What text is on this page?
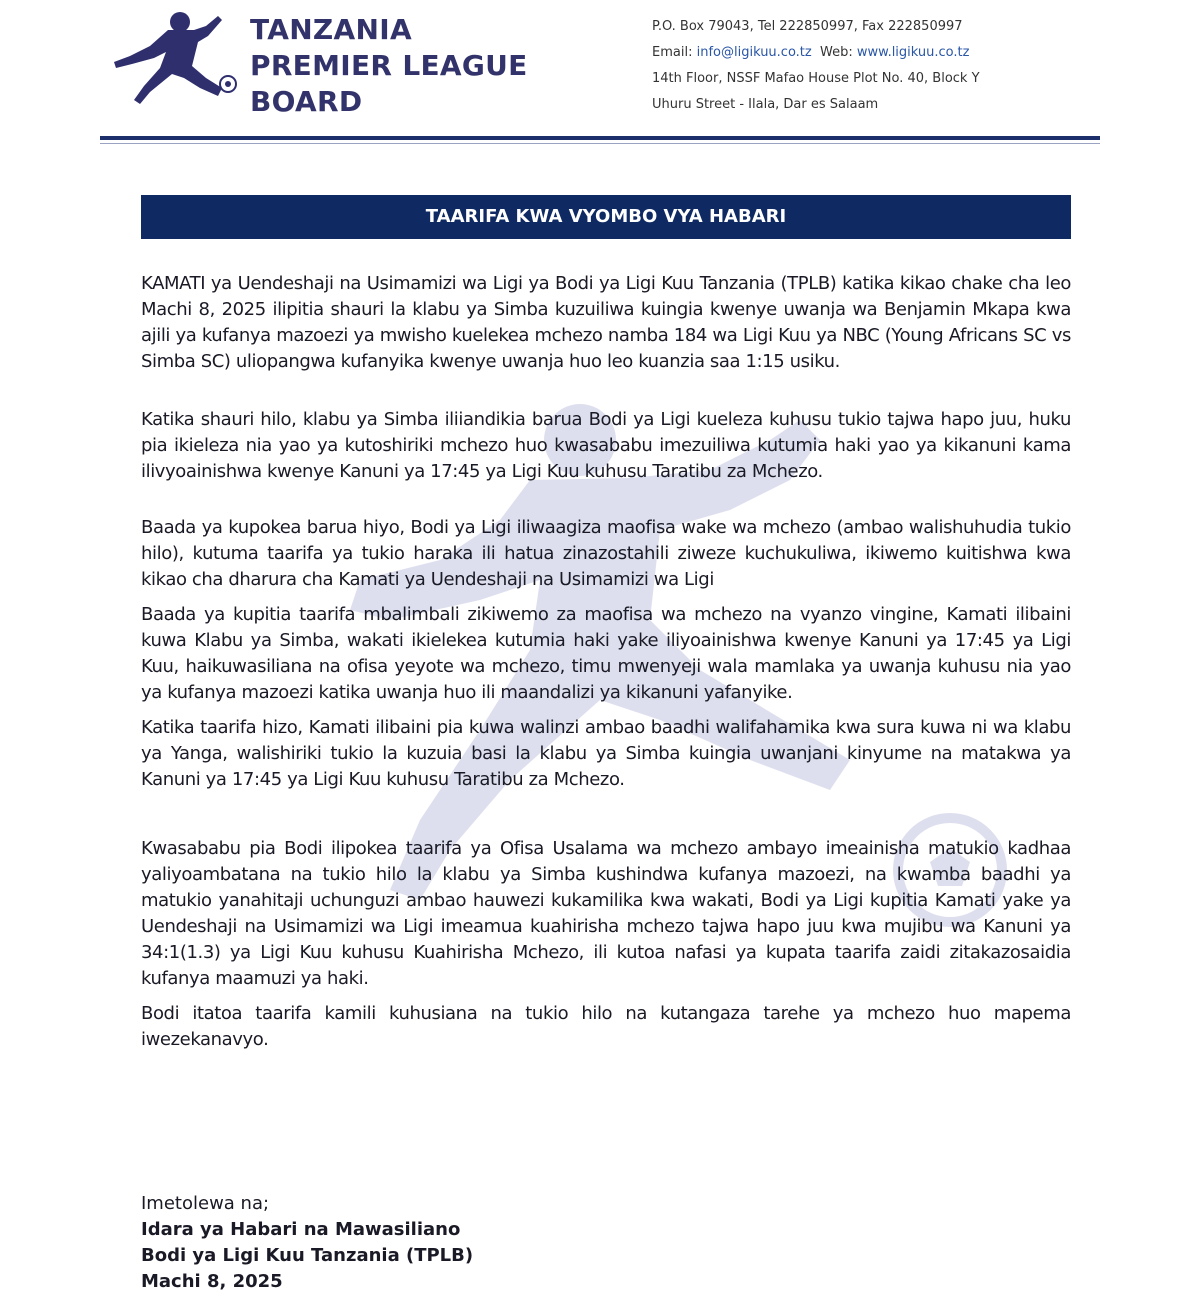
TANZANIA
PREMIER LEAGUE
BOARD
P.O. Box 79043, Tel 222850997, Fax 222850997
Email: info@ligikuu.co.tz Web: www.ligikuu.co.tz
14th Floor, NSSF Mafao House Plot No. 40, Block Y
Uhuru Street - Ilala, Dar es Salaam
TAARIFA KWA VYOMBO VYA HABARI

KAMATI ya Uendeshaji na Usimamizi wa Ligi ya Bodi ya Ligi Kuu Tanzania (TPLB) katika kikao chake cha leo Machi 8, 2025 ilipitia shauri la klabu ya Simba kuzuiliwa kuingia kwenye uwanja wa Benjamin Mkapa kwa ajili ya kufanya mazoezi ya mwisho kuelekea mchezo namba 184 wa Ligi Kuu ya NBC (Young Africans SC vs Simba SC) uliopangwa kufanyika kwenye uwanja huo leo kuanzia saa 1:15 usiku.

Katika shauri hilo, klabu ya Simba iliiandikia barua Bodi ya Ligi kueleza kuhusu tukio tajwa hapo juu, huku pia ikieleza nia yao ya kutoshiriki mchezo huo kwasababu imezuiliwa kutumia haki yao ya kikanuni kama ilivyoainishwa kwenye Kanuni ya 17:45 ya Ligi Kuu kuhusu Taratibu za Mchezo.

Baada ya kupokea barua hiyo, Bodi ya Ligi iliwaagiza maofisa wake wa mchezo (ambao walishuhudia tukio hilo), kutuma taarifa ya tukio haraka ili hatua zinazostahili ziweze kuchukuliwa, ikiwemo kuitishwa kwa kikao cha dharura cha Kamati ya Uendeshaji na Usimamizi wa Ligi

Baada ya kupitia taarifa mbalimbali zikiwemo za maofisa wa mchezo na vyanzo vingine, Kamati ilibaini kuwa Klabu ya Simba, wakati ikielekea kutumia haki yake iliyoainishwa kwenye Kanuni ya 17:45 ya Ligi Kuu, haikuwasiliana na ofisa yeyote wa mchezo, timu mwenyeji wala mamlaka ya uwanja kuhusu nia yao ya kufanya mazoezi katika uwanja huo ili maandalizi ya kikanuni yafanyike.

Katika taarifa hizo, Kamati ilibaini pia kuwa walinzi ambao baadhi walifahamika kwa sura kuwa ni wa klabu ya Yanga, walishiriki tukio la kuzuia basi la klabu ya Simba kuingia uwanjani kinyume na matakwa ya Kanuni ya 17:45 ya Ligi Kuu kuhusu Taratibu za Mchezo.

Kwasababu pia Bodi ilipokea taarifa ya Ofisa Usalama wa mchezo ambayo imeainisha matukio kadhaa yaliyoambatana na tukio hilo la klabu ya Simba kushindwa kufanya mazoezi, na kwamba baadhi ya matukio yanahitaji uchunguzi ambao hauwezi kukamilika kwa wakati, Bodi ya Ligi kupitia Kamati yake ya Uendeshaji na Usimamizi wa Ligi imeamua kuahirisha mchezo tajwa hapo juu kwa mujibu wa Kanuni ya 34:1(1.3) ya Ligi Kuu kuhusu Kuahirisha Mchezo, ili kutoa nafasi ya kupata taarifa zaidi zitakazosaidia kufanya maamuzi ya haki.

Bodi itatoa taarifa kamili kuhusiana na tukio hilo na kutangaza tarehe ya mchezo huo mapema iwezekanavyo.

Imetolewa na;
Idara ya Habari na Mawasiliano
Bodi ya Ligi Kuu Tanzania (TPLB)
Machi 8, 2025
